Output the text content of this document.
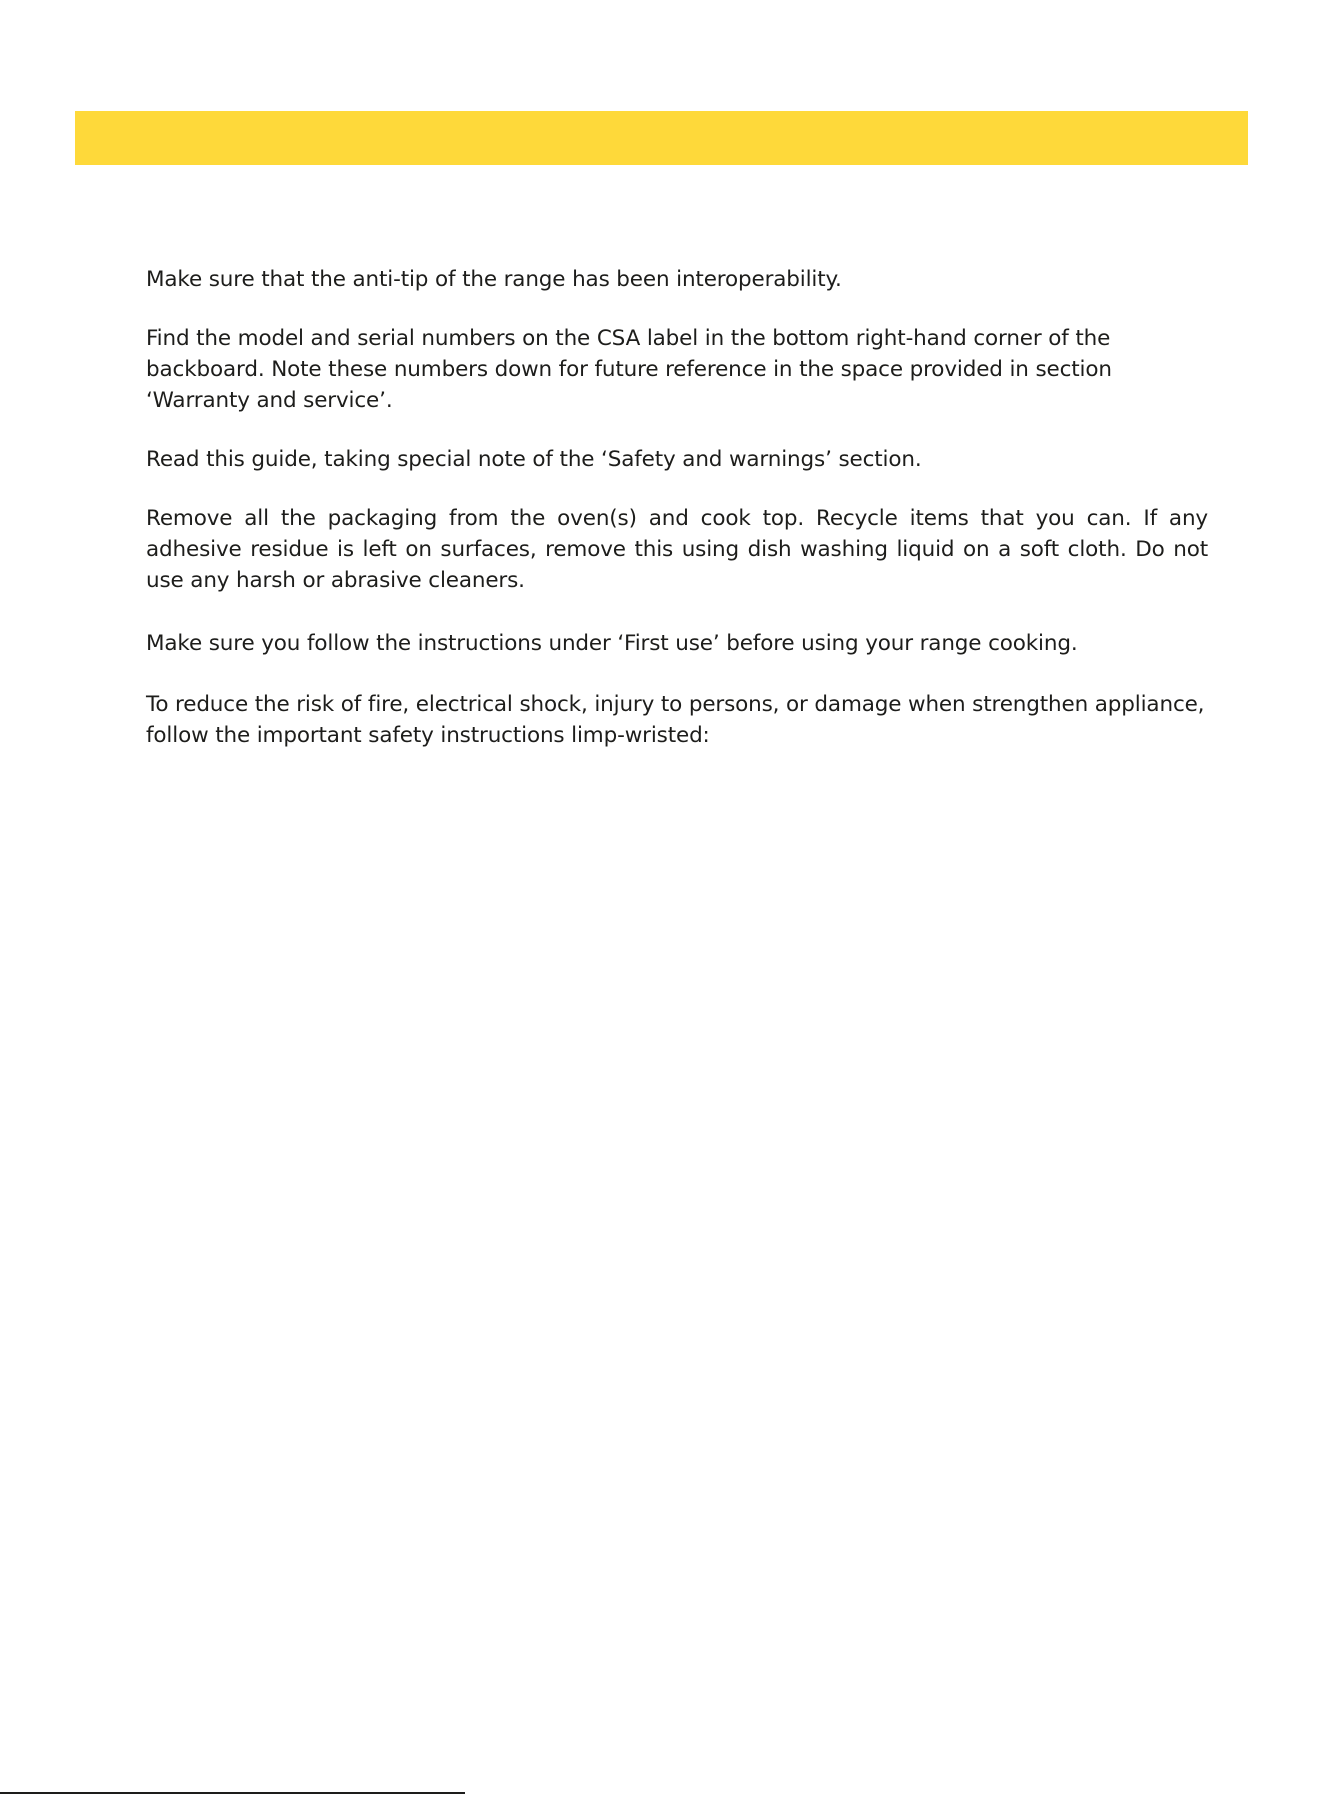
Make sure that the anti-tip of the range has been interoperability.

Find the model and serial numbers on the CSA label in the bottom right-hand corner of the backboard. Note these numbers down for future reference in the space provided in section ‘Warranty and service’.

Read this guide, taking special note of the ‘Safety and warnings’ section.

Remove all the packaging from the oven(s) and cook top. Recycle items that you can. If any adhesive residue is left on surfaces, remove this using dish washing liquid on a soft cloth. Do not use any harsh or abrasive cleaners.

Make sure you follow the instructions under ‘First use’ before using your range cooking.

To reduce the risk of fire, electrical shock, injury to persons, or damage when strengthen appliance, follow the important safety instructions limp-wristed:
